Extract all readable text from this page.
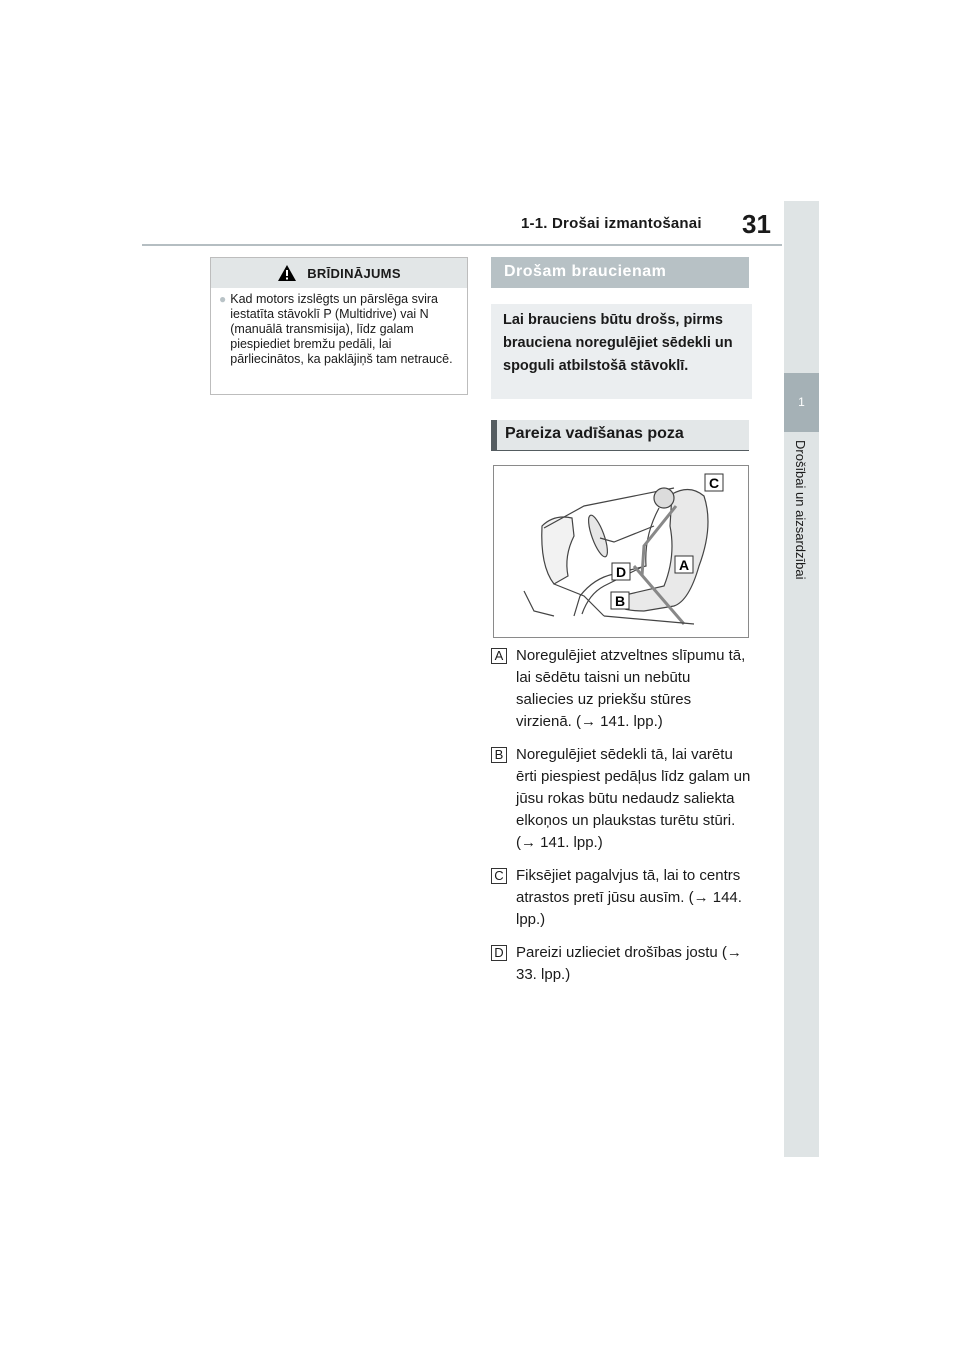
1-1. Drošai izmantošanai 31
1
Drošībai un aizsardzībai
BRĪDINĀJUMS
● Kad motors izslēgts un pārslēga svira iestatīta stāvoklī P (Multidrive) vai N (manuālā transmisija), līdz galam piespiediet bremžu pedāli, lai pārliecinātos, ka paklājiņš tam netraucē.
Drošam braucienam
Lai brauciens būtu drošs, pirms brauciena noregulējiet sēdekli un spoguli atbilstošā stāvoklī.
Pareiza vadīšanas poza
C
D	A
B
A Noregulējiet atzveltnes slīpumu tā, lai sēdētu taisni un nebūtu saliecies uz priekšu stūres virzienā. (→ 141. lpp.)
B Noregulējiet sēdekli tā, lai varētu ērti piespiest pedāļus līdz galam un jūsu rokas būtu nedaudz saliekta elkoņos un plaukstas turētu stūri. (→ 141. lpp.)
C Fiksējiet pagalvjus tā, lai to centrs atrastos pretī jūsu ausīm. (→ 144. lpp.)
D Pareizi uzlieciet drošības jostu (→ 33. lpp.)
